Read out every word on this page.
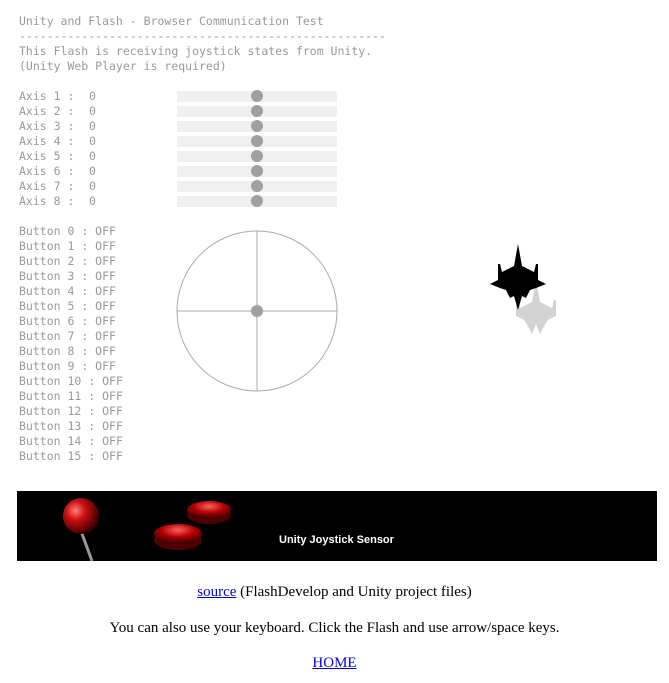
Unity and Flash - Browser Communication Test
-----------------------------------------------------
This Flash is receiving joystick states from Unity.
(Unity Web Player is required)
Axis 1 : 0
Axis 2 : 0
Axis 3 : 0
Axis 4 : 0
Axis 5 : 0
Axis 6 : 0
Axis 7 : 0
Axis 8 : 0
Button 0 : OFF
Button 1 : OFF
Button 2 : OFF
Button 3 : OFF
Button 4 : OFF
Button 5 : OFF
Button 6 : OFF
Button 7 : OFF
Button 8 : OFF
Button 9 : OFF
Button 10 : OFF
Button 11 : OFF
Button 12 : OFF
Button 13 : OFF
Button 14 : OFF
Button 15 : OFF
Unity Joystick Sensor
source (FlashDevelop and Unity project files)
You can also use your keyboard. Click the Flash and use arrow/space keys.
HOME
